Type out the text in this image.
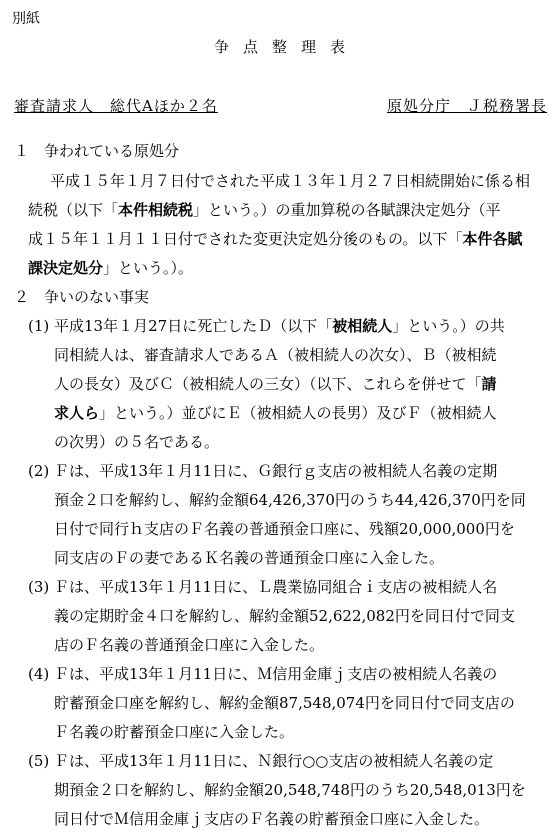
別紙
争点整理表
審査請求人　総代Aほか２名	原処分庁　Ｊ税務署長
１　争われている原処分
平成１５年１月７日付でされた平成１３年１月２７日相続開始に係る相
続税（以下「本件相続税」という。）の重加算税の各賦課決定処分（平
成１５年１１月１１日付でされた変更決定処分後のもの。以下「本件各賦
課決定処分」という。）。
２　争いのない事実
(1) 平成13年１月27日に死亡したＤ（以下「被相続人」という。）の共
同相続人は、審査請求人であるＡ（被相続人の次女）、Ｂ（被相続
人の長女）及びＣ（被相続人の三女）（以下、これらを併せて「請
求人ら」という。）並びにＥ（被相続人の長男）及びＦ（被相続人
の次男）の５名である。
(2) Ｆは、平成13年１月11日に、Ｇ銀行ｇ支店の被相続人名義の定期
預金２口を解約し、解約金額64,426,370円のうち44,426,370円を同
日付で同行ｈ支店のＦ名義の普通預金口座に、残額20,000,000円を
同支店のＦの妻であるＫ名義の普通預金口座に入金した。
(3) Ｆは、平成13年１月11日に、Ｌ農業協同組合ｉ支店の被相続人名
義の定期貯金４口を解約し、解約金額52,622,082円を同日付で同支
店のＦ名義の普通預金口座に入金した。
(4) Ｆは、平成13年１月11日に、Ｍ信用金庫ｊ支店の被相続人名義の
貯蓄預金口座を解約し、解約金額87,548,074円を同日付で同支店の
Ｆ名義の貯蓄預金口座に入金した。
(5) Ｆは、平成13年１月11日に、Ｎ銀行○○支店の被相続人名義の定
期預金２口を解約し、解約金額20,548,748円のうち20,548,013円を
同日付でＭ信用金庫ｊ支店のＦ名義の貯蓄預金口座に入金した。
